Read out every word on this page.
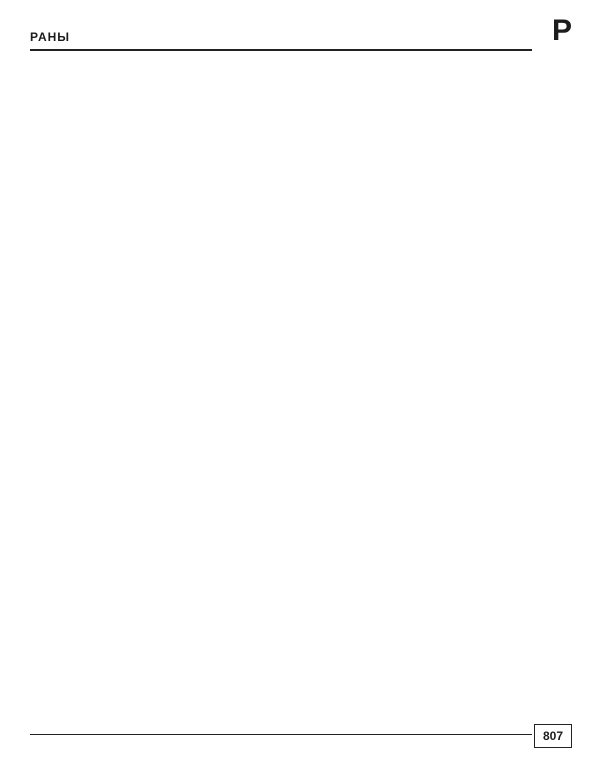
РАНЫ	Р

807
